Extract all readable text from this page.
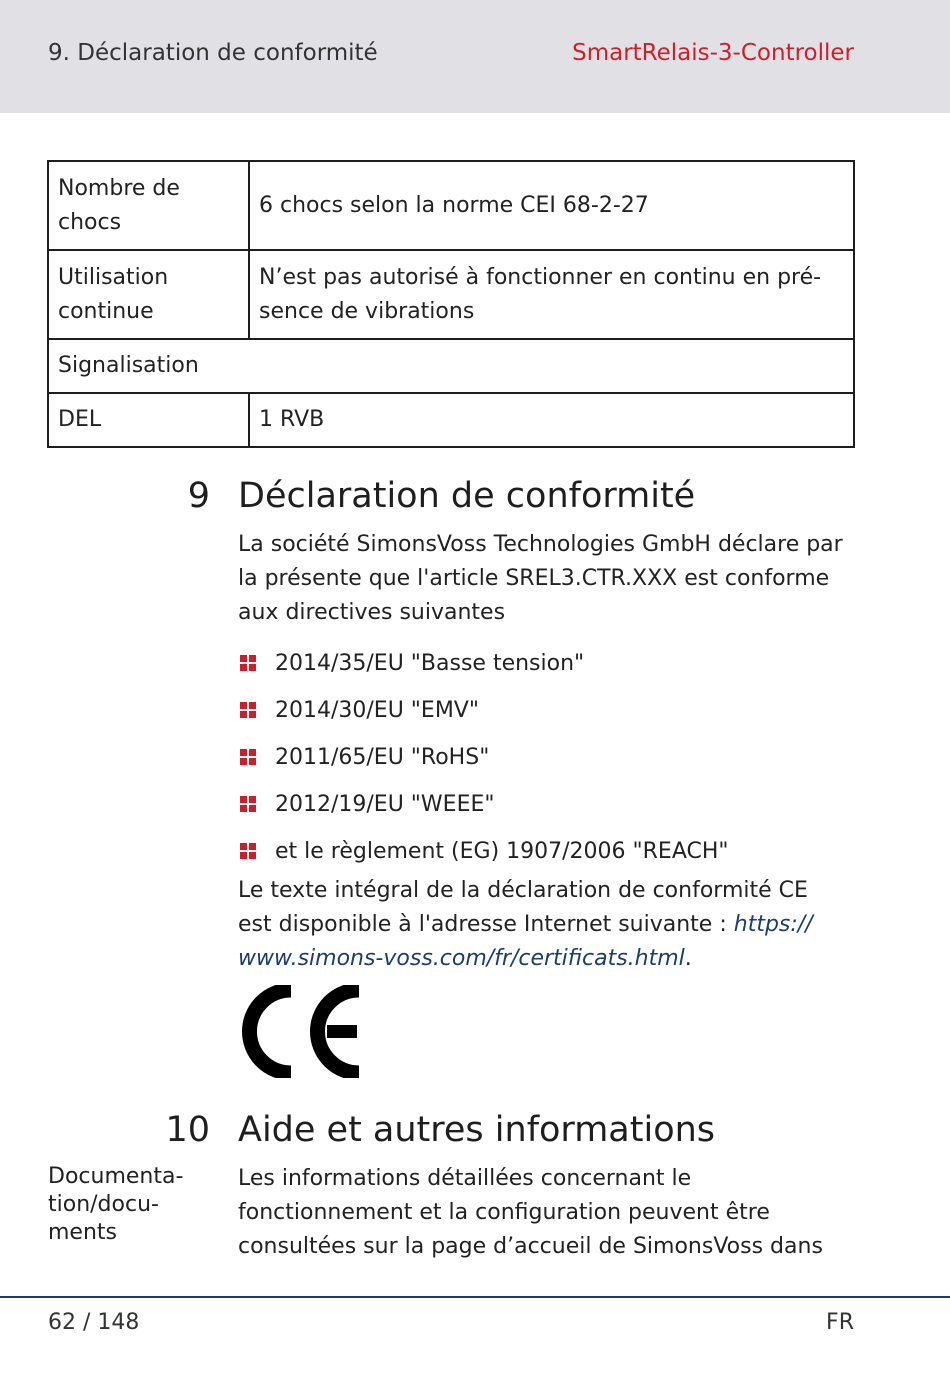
9. Déclaration de conformité	SmartRelais-3-Controller
Nombre de chocs	6 chocs selon la norme CEI 68-2-27
Utilisation continue	N’est pas autorisé à fonctionner en continu en pré-sence de vibrations
Signalisation	
DEL	1 RVB
9 Déclaration de conformité
La société SimonsVoss Technologies GmbH déclare par la présente que l'article SREL3.CTR.XXX est conforme aux directives suivantes
2014/35/EU "Basse tension"
2014/30/EU "EMV"
2011/65/EU "RoHS"
2012/19/EU "WEEE"
et le règlement (EG) 1907/2006 "REACH"
Le texte intégral de la déclaration de conformité CE est disponible à l'adresse Internet suivante : https:// www.simons-voss.com/fr/certificats.html.
10 Aide et autres informations
Documenta-tion/docu-ments
Les informations détaillées concernant le fonctionnement et la configuration peuvent être consultées sur la page d’accueil de SimonsVoss dans
62 / 148	FR
